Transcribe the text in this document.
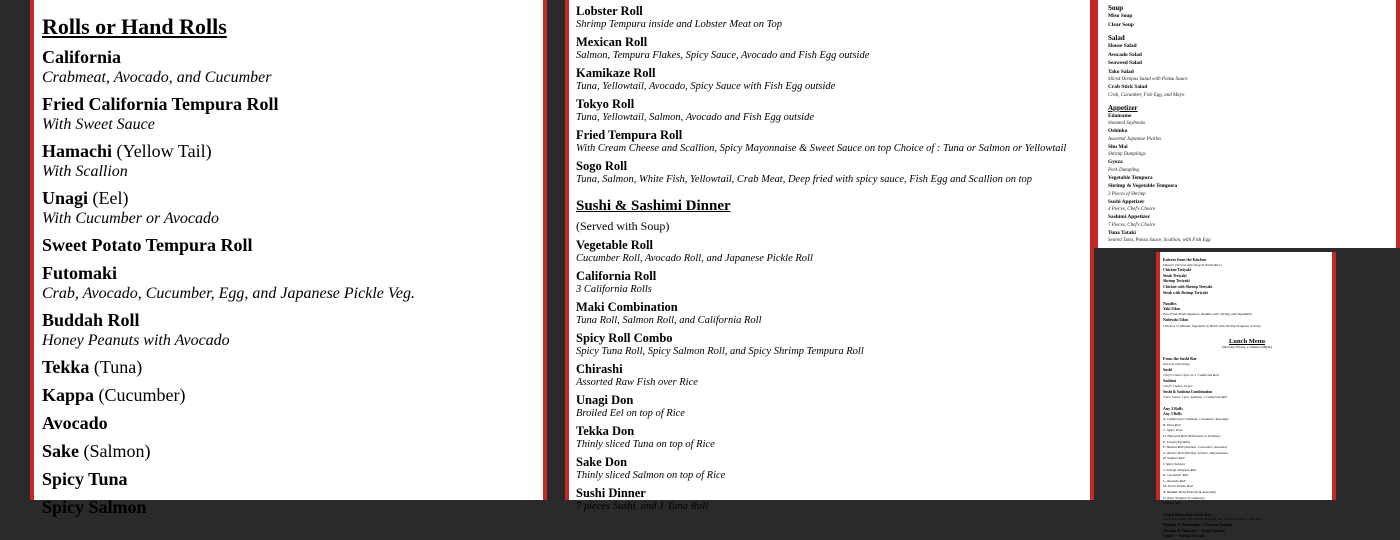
Rolls or Hand Rolls
California
Crabmeat, Avocado, and Cucumber
Fried California Tempura Roll
With Sweet Sauce
Hamachi (Yellow Tail)
With Scallion
Unagi (Eel)
With Cucumber or Avocado
Sweet Potato Tempura Roll
Futomaki
Crab, Avocado, Cucumber, Egg, and Japanese Pickle Veg.
Buddah Roll
Honey Peanuts with Avocado
Tekka (Tuna)
Kappa (Cucumber)
Avocado
Sake (Salmon)
Spicy Tuna
Spicy Salmon
Lobster Roll
Shrimp Tempura inside and Lobster Meat on Top
Mexican Roll
Salmon, Tempura Flakes, Spicy Sauce, Avocado and Fish Egg outside
Kamikaze Roll
Tuna, Yellowtail, Avocado, Spicy Sauce with Fish Egg outside
Tokyo Roll
Tuna, Yellowtail, Salmon, Avocado and Fish Egg outside
Fried Tempura Roll
With Cream Cheese and Scallion, Spicy Mayonnaise & Sweet Sauce on top Choice of : Tuna or Salmon or Yellowtail
Sogo Roll
Tuna, Salmon, White Fish, Yellowtail, Crab Meat, Deep fried with spicy sauce, Fish Egg and Scallion on top
Sushi & Sashimi Dinner
(Served with Soup)
Vegetable Roll
Cucumber Roll, Avocado Roll, and Japanese Pickle Roll
California Roll
3 California Rolls
Maki Combination
Tuna Roll, Salmon Roll, and California Roll
Spicy Roll Combo
Spicy Tuna Roll, Spicy Salmon Roll, and Spicy Shrimp Tempura Roll
Chirashi
Assorted Raw Fish over Rice
Unagi Don
Broiled Eel on top of Rice
Tekka Don
Thinly sliced Tuna on top of Rice
Sake Don
Thinly sliced Salmon on top of Rice
Sushi Dinner
7 pieces Sushi, and 1 Tuna Roll
Soup
Miso Soup
Clear Soup
Salad
House Salad
Avocado Salad
Seaweed Salad
Tako Salad
Sliced Octopus Salad with Ponzu Sauce
Crab Stick Salad
Crab, Cucumber, Fish Egg, and Mayo
Appetizer
Edamame
Steamed Soybeans
Oshinko
Assorted Japanese Pickles
Shu Mai
Shrimp Dumplings
Gyoza
Pork Dumpling
Vegetable Tempura
Shrimp & Vegetable Tempura
3 Pieces of Shrimp
Sushi Appetizer
4 Pieces, Chef's Choice
Sashimi Appetizer
7 Pieces, Chef's Choice
Tuna Tataki
Seared Tuna, Ponzu Sauce, Scallion, with Fish Egg
Entrees from the Kitchen
Dinners (Served with Soup & White Rice)
Chicken Teriyaki
Steak Teriyaki
Shrimp Teriyaki
Chicken with Shrimp Teriyaki
Steak with Shrimp Teriyaki
Noodles
Yaki Udon
Pan Fried Thick Japanese Noodles with Shrimp and Vegetables
Nabeyaki Udon
Chicken, Crabmeat, Vegetable in Broth with Shrimp Tempura in Soup
Lunch Menu
(Monday-Friday, 11:00am-2:00pm)
From the Sushi Bar
(Served with Soup)
Sushi
Chef's Choice 5pcs w/ 1 California Roll
Sashimi
Chef's Choice 10 pcs
Sushi & Sashimi Combination
3 pcs. Sushi, 7 pcs. Sashimi, 1 California Roll
Any 2 Rolls
Any 3 Rolls
A. California (Crabmeat, Cucumber, Avocado)
B. Tuna Roll
C. Spicy Tuna
D. Hamachi Roll (Yellowtail w/ Scallion)
E. Unagi (Eel Roll)
F. Hawaii Roll (Salmon, Cucumber, Avocado)
G. Boston Roll (Shrimp, Lettuce, Mayonnaise)
H. Salmon Roll
I. Spicy Salmon
J. Shrimp Tempura Roll
K. Cucumber Roll
L. Avocado Roll
M. Sweet Potato Roll
N. Buddah Roll (Peanuts & Avocado)
O. Kani Tempura (Crabmeat)
P. Philly Roll
Lunch Bento Box of the Day
(Served w/ Soup, 2pc Fried Dumpling, 4pc California Roll, White Rice)
Monday & Wednesday -- Chicken Teriyaki
Tuesday & Thursday -- Steak Teriyaki
Friday -- Shrimp Teriyaki
